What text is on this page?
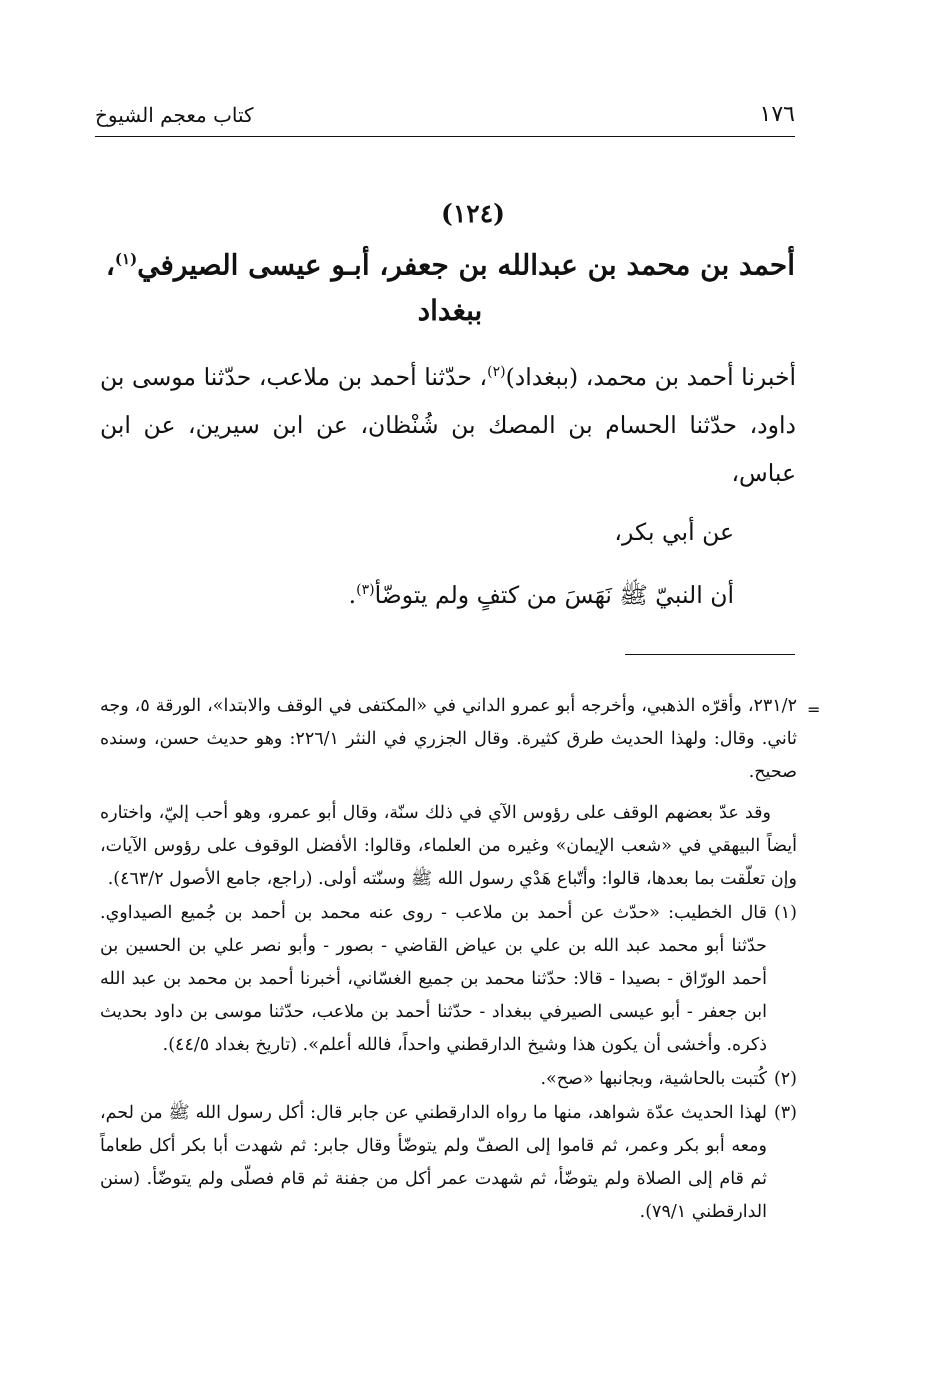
١٧٦
كتاب معجم الشيوخ
(١٢٤)
أحمد بن محمد بن عبدالله بن جعفر، أبـو عيسى الصيرفي$^{(١)}$،
ببغداد
أخبرنا أحمد بن محمد، (ببغداد)$^{(٢)}$، حدّثنا أحمد بن ملاعب، حدّثنا موسى بن داود، حدّثنا الحسام بن المصك بن شُنْظان، عن ابن سيرين، عن ابن عباس،
عن أبي بكر،
أن النبيّ ﷺ نَهَسَ من كتفٍ ولم يتوضّأ$^{(٣)}$.
=

٢٣١/٢، وأقرّه الذهبي، وأخرجه أبو عمرو الداني في «المكتفى في الوقف والابتدا»، الورقة ٥، وجه ثاني. وقال: ولهذا الحديث طرق كثيرة. وقال الجزري في النثر ٢٢٦/١: وهو حديث حسن، وسنده صحيح.

وقد عدّ بعضهم الوقف على رؤوس الآي في ذلك سنّة، وقال أبو عمرو، وهو أحب إليّ، واختاره أيضاً البيهقي في «شعب الإيمان» وغيره من العلماء، وقالوا: الأفضل الوقوف على رؤوس الآيات، وإن تعلّقت بما بعدها، قالوا: وأتّباع هَدْي رسول الله ﷺ وسنّته أولى. (راجع، جامع الأصول ٤٦٣/٢).

(١)
قال الخطيب: «حدّث عن أحمد بن ملاعب - روى عنه محمد بن أحمد بن جُميع الصيداوي. حدّثنا أبو محمد عبد الله بن علي بن عياض القاضي - بصور - وأبو نصر علي بن الحسين بن أحمد الورّاق - بصيدا - قالا: حدّثنا محمد بن جميع الغسّاني، أخبرنا أحمد بن محمد بن عبد الله ابن جعفر - أبو عيسى الصيرفي ببغداد - حدّثنا أحمد بن ملاعب، حدّثنا موسى بن داود بحديث ذكره. وأخشى أن يكون هذا وشيخ الدارقطني واحداً، فالله أعلم». (تاريخ بغداد ٤٤/٥).
(٢)
كُتبت بالحاشية، وبجانبها «صح».
(٣)
لهذا الحديث عدّة شواهد، منها ما رواه الدارقطني عن جابر قال: أكل رسول الله ﷺ من لحم، ومعه أبو بكر وعمر، ثم قاموا إلى الصفّ ولم يتوضّأ وقال جابر: ثم شهدت أبا بكر أكل طعاماً ثم قام إلى الصلاة ولم يتوضّأ، ثم شهدت عمر أكل من جفنة ثم قام فصلّى ولم يتوضّأ. (سنن الدارقطني ٧٩/١).
